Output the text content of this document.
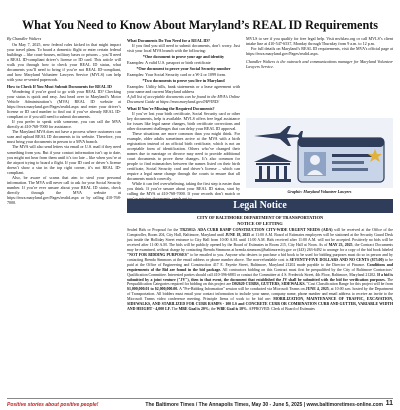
What You Need to Know About Maryland’s REAL ID Requirements

By Chandler Walters

On May 7, 2025, new federal rules kicked in that might impact your travel plans. To board a domestic flight or enter certain federal buildings – like court-houses, military bases or prisons – you’ll need a REAL ID-compliant driver’s license or ID card. This article will walk you through how to check your REAL ID status, what documents you’ll need to bring if you’re not REAL ID-compliant, and how Maryland Volunteer Lawyers Service (MVLS) can help with your re-sented paperwork.

How to Check If You Must Submit Documents for REAL ID

Wondering if you’re good to go with your REAL ID? Checking your status is quick and easy. Just head over to Maryland’s Motor Vehicle Administration’s (MVA) REAL ID website at https://mva.maryland.gov/Pages/realid.aspx and enter your driver’s license or ID card number to find out if you’ve already REAL ID-compliant or if you still need to submit documents.

If you prefer to speak with someone, you can call the MVA directly at 410-768-7000 for assistance.

The Maryland MVA does not have a process where customers can scan and upload REAL ID documents to its website. Therefore, you must bring your documents in person to a MVA branch.

The MVA will also send letters via email or U.S. mail if they need something from you. But if your contact information isn’t up to date, you might not hear from them until it’s too late – like when you’re at the airport trying to board a flight. If your ID card or driver’s license doesn’t show a star in the top right corner, it’s not REAL ID-compliant.

Also, be aware of scams that aim to steal your personal information. The MVA will never call to ask for your Social Security number. If you’re ever unsure about your REAL ID status, check directly through the MVA website at https://mva.maryland.gov/Pages/realid.aspx or by calling 410-768-7000.

What Documents Do You Need for a REAL ID?

If you find you still need to submit documents, don’t worry. Just visit your local MVA branch with the following:

*One document to prove your age and identity

Examples: A valid U.S. passport or birth certificate

*One document to prove your Social Security number

Examples: Your Social Security card or a W-2 or 1099 form.

*Two documents to prove you live in Maryland

Examples: Utility bills, bank statements or a lease agreement with your name and current Maryland address

A full list of acceptable documents can be found in the MVA’s Online Document Guide at https://mva.maryland.gov/IAP/IND/

What If You’re Missing the Required Documents?

If you’ve lost your birth certificate, Social Security card or other key documents, help is available. MVLS offers free legal assistance for issues like legal name changes, birth certificate corrections and other document challenges that can delay your REAL ID approval.

These situations are more common than you might think. For example, older adults sometimes arrive at the MVA with a birth registration instead of an official birth certificate, which is not an acceptable form of identification. Others who’ve changed their names due to marriage or divorce may need to provide additional court documents to prove these changes. It’s also common for people to find mismatches between the names listed on their birth certificate, Social Security card and driver’s license – which can require a legal name change through the courts to ensure that all documents match correctly.

While it can feel overwhelming, taking the first step is easier than you think. If you’re unsure about your REAL ID status, start by calling the MVA at 410-768-7000. If your records don’t match or

MVLS to see if you qualify for free legal help. Visit mvlslaw.org or call MVLS’s client intake line at 410-547-6537, Monday through Thursday from 9 a.m. to 12 p.m.

For full details on Maryland’s REAL ID requirements, visit the MVA’s official page at https://mva.maryland.gov/Pages/realid.aspx.

Chandler Walters is the outreach and communications manager for Maryland Volunteer Lawyers Service.

Graphic: Maryland Volunteer Lawyers
Legal Notice
CITY OF BALTIMORE DEPARTMENT OF TRANSPORTATION
NOTICE OF LETTING
Sealed Bids or Proposal for the TR25012: ADA CURB RAMP CONSTRUCTION CITY-WIDE URGENT NEEDS (ADA) will be received at the Office of the Comptroller, Room 204, City Hall, Baltimore, Maryland until JUNE 18, 2025 at 11:00 A.M. Board of Estimates employees will be stationed at the Security Guard Desk just inside the Holliday Street entrance to City Hall from 10:00 A.M. until 11:00 A.M. Bids received after 11:00 A.M. will not be accepted. Positively no bids will be received after 11:00 A.M. The bids will be publicly opened by the Board of Estimates in Room 215, City Hall at Noon. As of MAY 23, 2025, the Contract Documents may be examined, without charge by contacting Brenda Simmons at brenda.simmons@baltimorecity.gov or (443) 263-6492 to arrange for a copy of the bid book labeled "NOT FOR BIDDING PURPOSES" to be emailed to you. Anyone who desires to purchase a bid book to be used for bidding purposes must do so in person and by contacting Brenda Simmons at the email address or phone number above. The non-refundable cost is SEVENTY-FIVE DOLLARS AND NO CENTS ($75.00) to be paid at the Office of Engineering and Construction 417 E. Fayette Street, Baltimore, Maryland 21202 made payable to the Director of Finance. Conditions and requirements of the Bid are found in the bid package. All contractors bidding on this Contract must first be prequalified by the City of Baltimore Contractors’ Qualification Committee. Interested parties should call 410-396-6883 or contact the Committee at 4 S. Frederick Street, 4th Floor, Baltimore, Maryland 21202. If a bid is submitted by a joint venture ("JV"), then in that event, the document that established the JV shall be submitted with the bid for verification purposes. The Prequalification Categories required for bidding on this project are D02620 CURBS, GUTTERS, SIDEWALKS. "Cost Classification Range for this project will be from $1,000,000.01 to $2,000,000.00. A "Pre-Bidding Information" session will be conducted via Microsoft Teams on JUNE 4, 2025, at 10:00 a.m. hosted by the Department of Transportation. All bidders must email your contact information to include your name, company name, phone number and email address to receive an invite to the Microsoft Teams video conference meeting. Principle Items of work to be bid are: MOBILIZATION, MAINTENANCE OF TRAFFIC, EXCAVATION, SIDEWALKS, AND STABILIZED FOR CURB RAMPS - 100 LS and CONCRETE CURB OR COMBINATION CURB AND GUTTER, VARIABLE WIDTH AND HEIGHT - 4,000 LF. The MBE Goal is 20%; the WBE Goal is 10%. APPROVED: Clerk of Board of Estimates
Positive stories about positive people!	The Baltimore Times / The Annapolis Times, May 30 - June 5, 2025 | www.baltimoretimes-online.com 11
